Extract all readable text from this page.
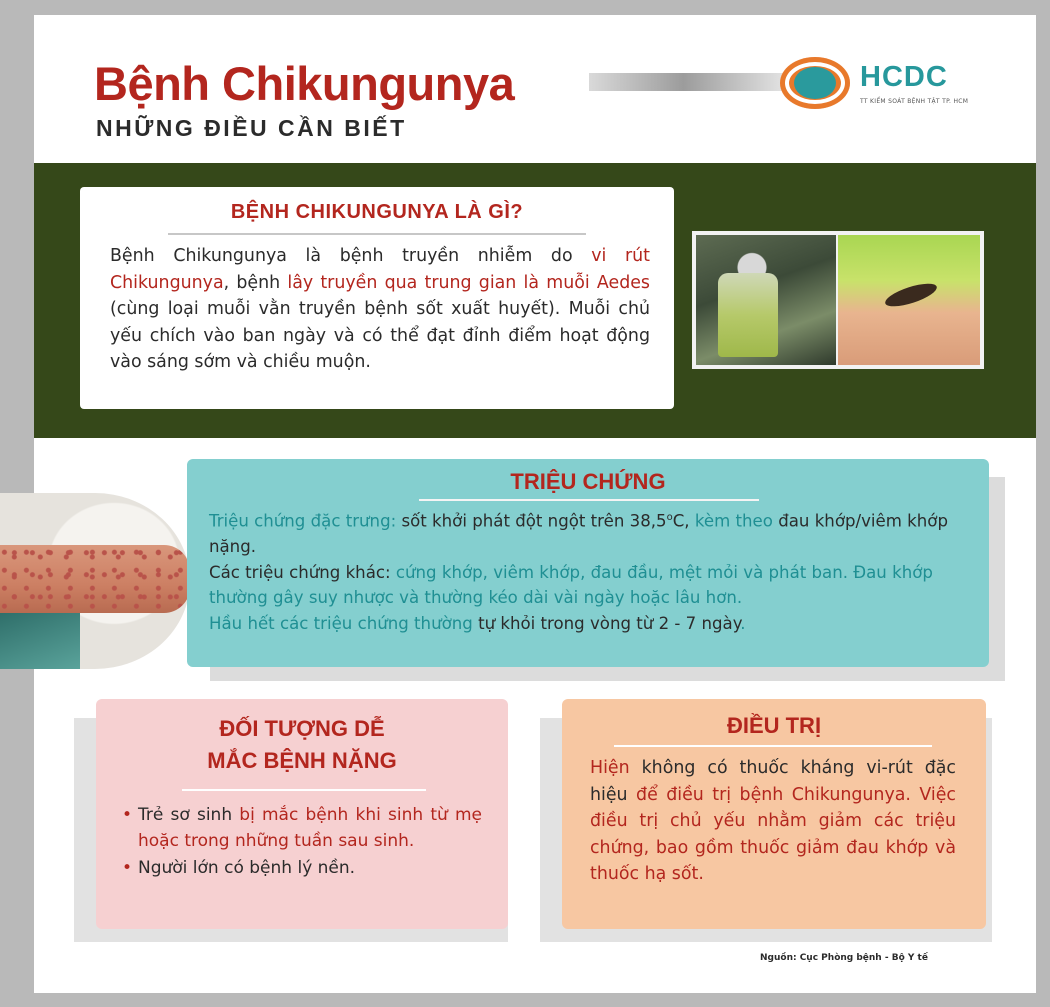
Bệnh Chikungunya
NHỮNG ĐIỀU CẦN BIẾT
HCDC
TT KIỂM SOÁT BỆNH TẬT TP. HCM
BỆNH CHIKUNGUNYA LÀ GÌ?
Bệnh Chikungunya là bệnh truyền nhiễm do vi rút Chikungunya, bệnh lây truyền qua trung gian là muỗi Aedes (cùng loại muỗi vằn truyền bệnh sốt xuất huyết). Muỗi chủ yếu chích vào ban ngày và có thể đạt đỉnh điểm hoạt động vào sáng sớm và chiều muộn.
TRIỆU CHỨNG
Triệu chứng đặc trưng: sốt khởi phát đột ngột trên 38,5$^o$C, kèm theo đau khớp/viêm khớp nặng.
Các triệu chứng khác: cứng khớp, viêm khớp, đau đầu, mệt mỏi và phát ban. Đau khớp thường gây suy nhược và thường kéo dài vài ngày hoặc lâu hơn.
Hầu hết các triệu chứng thường tự khỏi trong vòng từ 2 - 7 ngày.
ĐỐI TƯỢNG DỄ
MẮC BỆNH NẶNG
• Trẻ sơ sinh bị mắc bệnh khi sinh từ mẹ hoặc trong những tuần sau sinh.
• Người lớn có bệnh lý nền.
ĐIỀU TRỊ
Hiện không có thuốc kháng vi-rút đặc hiệu để điều trị bệnh Chikungunya. Việc điều trị chủ yếu nhằm giảm các triệu chứng, bao gồm thuốc giảm đau khớp và thuốc hạ sốt.
Nguồn: Cục Phòng bệnh - Bộ Y tế
